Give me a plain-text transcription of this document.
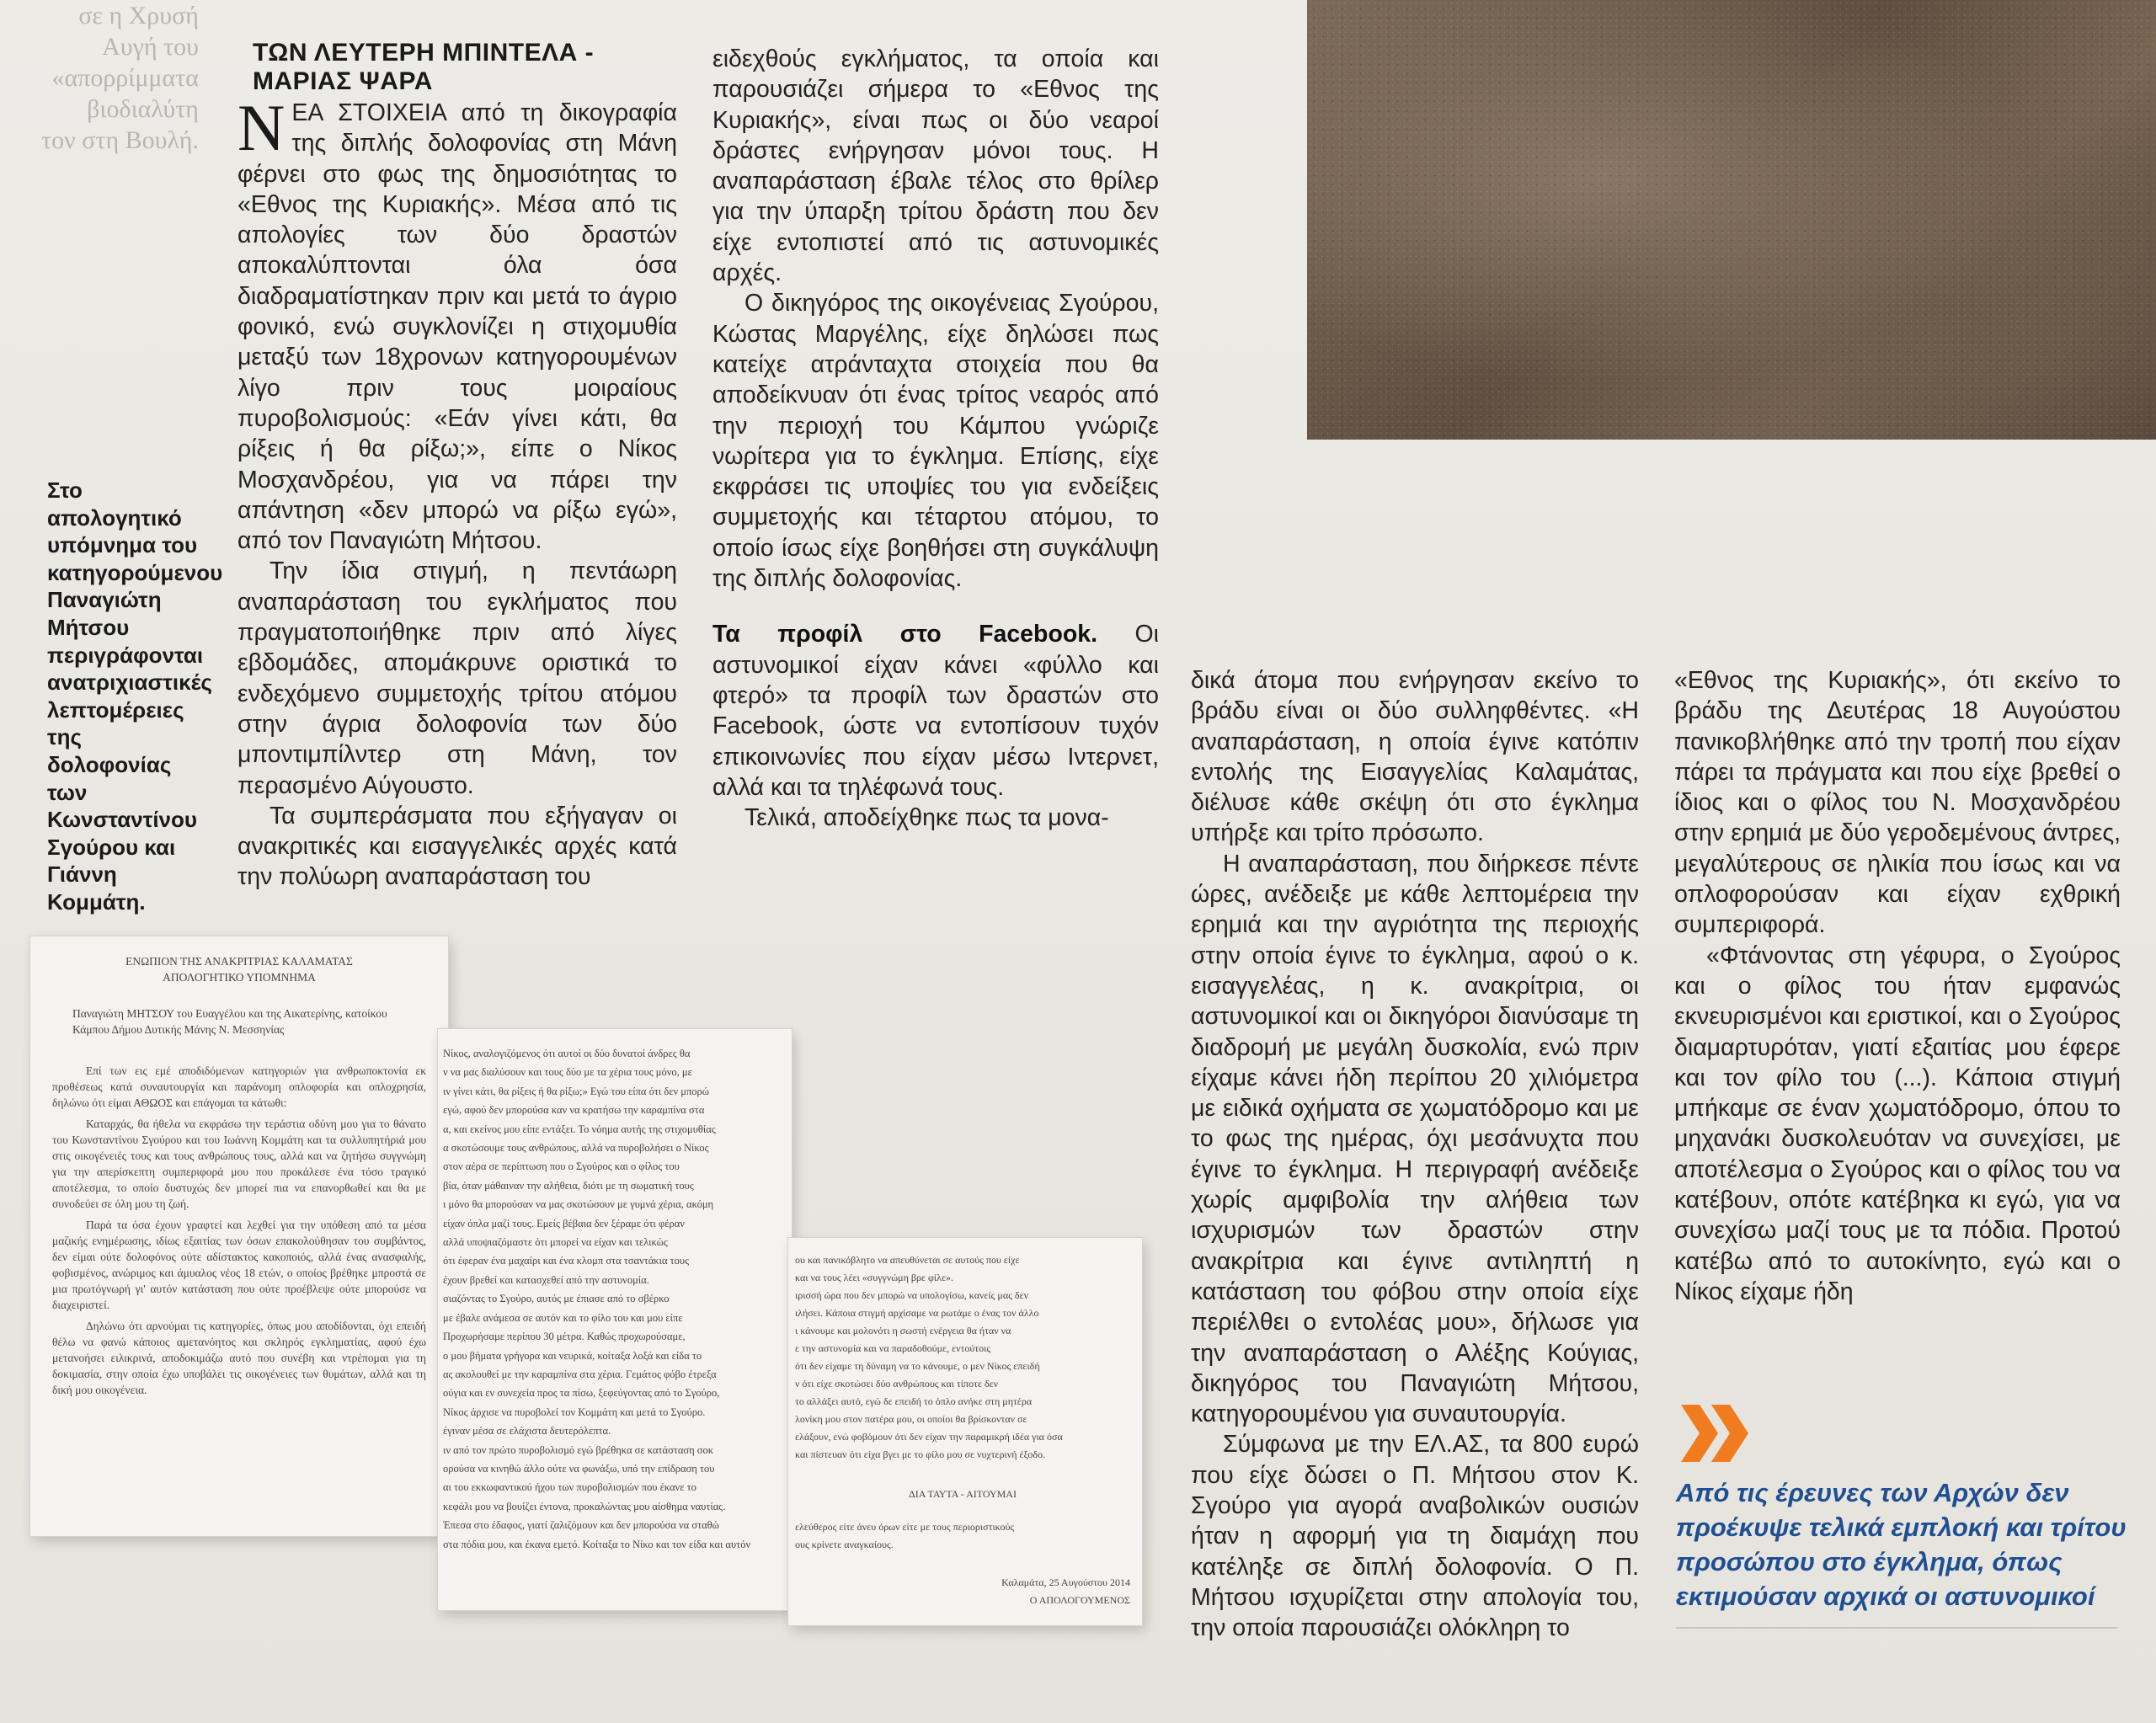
σε η Χρυσή
Αυγή του
«απορρίμματα
βιοδιαλύτη
τον στη Βουλή.
ΤΩΝ ΛΕΥΤΕΡΗ ΜΠΙΝΤΕΛΑ - ΜΑΡΙΑΣ ΨΑΡΑ

ΝΕΑ ΣΤΟΙΧΕΙΑ από τη δικογραφία της διπλής δολοφονίας στη Μάνη φέρνει στο φως της δημοσιότητας το «Εθνος της Κυριακής». Μέσα από τις απολογίες των δύο δραστών αποκαλύπτονται όλα όσα διαδραματίστηκαν πριν και μετά το άγριο φονικό, ενώ συγκλονίζει η στιχομυθία μεταξύ των 18χρονων κατηγορουμένων λίγο πριν τους μοιραίους πυροβολισμούς: «Εάν γίνει κάτι, θα ρίξεις ή θα ρίξω;», είπε ο Νίκος Μοσχανδρέου, για να πάρει την απάντηση «δεν μπορώ να ρίξω εγώ», από τον Παναγιώτη Μήτσου.

Την ίδια στιγμή, η πεντάωρη αναπαράσταση του εγκλήματος που πραγματοποιήθηκε πριν από λίγες εβδομάδες, απομάκρυνε οριστικά το ενδεχόμενο συμμετοχής τρίτου ατόμου στην άγρια δολοφονία των δύο μποντιμπίλντερ στη Μάνη, τον περασμένο Αύγουστο.

Τα συμπεράσματα που εξήγαγαν οι ανακριτικές και εισαγγελικές αρχές κατά την πολύωρη αναπαράσταση του

Στο απολογητικό υπόμνημα του κατηγορούμενου Παναγιώτη Μήτσου περιγράφονται ανατριχιαστικές λεπτομέρειες της δολοφονίας των Κωνσταντίνου Σγούρου και Γιάννη Κομμάτη.

ειδεχθούς εγκλήματος, τα οποία και παρουσιάζει σήμερα το «Εθνος της Κυριακής», είναι πως οι δύο νεαροί δράστες ενήργησαν μόνοι τους. Η αναπαράσταση έβαλε τέλος στο θρίλερ για την ύπαρξη τρίτου δράστη που δεν είχε εντοπιστεί από τις αστυνομικές αρχές.

Ο δικηγόρος της οικογένειας Σγούρου, Κώστας Μαργέλης, είχε δηλώσει πως κατείχε ατράνταχτα στοιχεία που θα αποδείκνυαν ότι ένας τρίτος νεαρός από την περιοχή του Κάμπου γνώριζε νωρίτερα για το έγκλημα. Επίσης, είχε εκφράσει τις υποψίες του για ενδείξεις συμμετοχής και τέταρτου ατόμου, το οποίο ίσως είχε βοηθήσει στη συγκάλυψη της διπλής δολοφονίας.

Τα προφίλ στο Facebook. Οι αστυνομικοί είχαν κάνει «φύλλο και φτερό» τα προφίλ των δραστών στο Facebook, ώστε να εντοπίσουν τυχόν επικοινωνίες που είχαν μέσω Ιντερνετ, αλλά και τα τηλέφωνά τους.

Τελικά, αποδείχθηκε πως τα μονα-

δικά άτομα που ενήργησαν εκείνο το βράδυ είναι οι δύο συλληφθέντες. «Η αναπαράσταση, η οποία έγινε κατόπιν εντολής της Εισαγγελίας Καλαμάτας, διέλυσε κάθε σκέψη ότι στο έγκλημα υπήρξε και τρίτο πρόσωπο.

Η αναπαράσταση, που διήρκεσε πέντε ώρες, ανέδειξε με κάθε λεπτομέρεια την ερημιά και την αγριότητα της περιοχής στην οποία έγινε το έγκλημα, αφού ο κ. εισαγγελέας, η κ. ανακρίτρια, οι αστυνομικοί και οι δικηγόροι διανύσαμε τη διαδρομή με μεγάλη δυσκολία, ενώ πριν είχαμε κάνει ήδη περίπου 20 χιλιόμετρα με ειδικά οχήματα σε χωματόδρομο και με το φως της ημέρας, όχι μεσάνυχτα που έγινε το έγκλημα. Η περιγραφή ανέδειξε χωρίς αμφιβολία την αλήθεια των ισχυρισμών των δραστών στην ανακρίτρια και έγινε αντιληπτή η κατάσταση του φόβου στην οποία είχε περιέλθει ο εντολέας μου», δήλωσε για την αναπαράσταση ο Αλέξης Κούγιας, δικηγόρος του Παναγιώτη Μήτσου, κατηγορουμένου για συναυτουργία.

Σύμφωνα με την ΕΛ.ΑΣ, τα 800 ευρώ που είχε δώσει ο Π. Μήτσου στον Κ. Σγούρο για αγορά αναβολικών ουσιών ήταν η αφορμή για τη διαμάχη που κατέληξε σε διπλή δολοφονία. Ο Π. Μήτσου ισχυρίζεται στην απολογία του, την οποία παρουσιάζει ολόκληρη το

«Εθνος της Κυριακής», ότι εκείνο το βράδυ της Δευτέρας 18 Αυγούστου πανικοβλήθηκε από την τροπή που είχαν πάρει τα πράγματα και που είχε βρεθεί ο ίδιος και ο φίλος του Ν. Μοσχανδρέου στην ερημιά με δύο γεροδεμένους άντρες, μεγαλύτερους σε ηλικία που ίσως και να οπλοφορούσαν και είχαν εχθρική συμπεριφορά.

«Φτάνοντας στη γέφυρα, ο Σγούρος και ο φίλος του ήταν εμφανώς εκνευρισμένοι και εριστικοί, και ο Σγούρος διαμαρτυρόταν, γιατί εξαιτίας μου έφερε και τον φίλο του (...). Κάποια στιγμή μπήκαμε σε έναν χωματόδρομο, όπου το μηχανάκι δυσκολευόταν να συνεχίσει, με αποτέλεσμα ο Σγούρος και ο φίλος του να κατέβουν, οπότε κατέβηκα κι εγώ, για να συνεχίσω μαζί τους με τα πόδια. Προτού κατέβω από το αυτοκίνητο, εγώ και ο Νίκος είχαμε ήδη

ΕΝΩΠΙΟΝ ΤΗΣ ΑΝΑΚΡΙΤΡΙΑΣ ΚΑΛΑΜΑΤΑΣ
ΑΠΟΛΟΓΗΤΙΚΟ ΥΠΟΜΝΗΜΑ
Παναγιώτη ΜΗΤΣΟΥ του Ευαγγέλου και της Αικατερίνης, κατοίκου
Κάμπου Δήμου Δυτικής Μάνης Ν. Μεσσηνίας

Επί των εις εμέ αποδιδόμενων κατηγοριών για ανθρωποκτονία εκ προθέσεως κατά συναυτουργία και παράνομη οπλοφορία και οπλοχρησία, δηλώνω ότι είμαι ΑΘΩΟΣ και επάγομαι τα κάτωθι:

Καταρχάς, θα ήθελα να εκφράσω την τεράστια οδύνη μου για το θάνατο του Κωνσταντίνου Σγούρου και του Ιωάννη Κομμάτη και τα συλλυπητήριά μου στις οικογένειές τους και τους ανθρώπους τους, αλλά και να ζητήσω συγγνώμη για την απερίσκεπτη συμπεριφορά μου που προκάλεσε ένα τόσο τραγικό αποτέλεσμα, το οποίο δυστυχώς δεν μπορεί πια να επανορθωθεί και θα με συνοδεύει σε όλη μου τη ζωή.

Παρά τα όσα έχουν γραφτεί και λεχθεί για την υπόθεση από τα μέσα μαζικής ενημέρωσης, ιδίως εξαιτίας των όσων επακολούθησαν του συμβάντος, δεν είμαι ούτε δολοφόνος ούτε αδίστακτος κακοποιός, αλλά ένας ανασφαλής, φοβισμένος, ανώριμος και άμυαλος νέος 18 ετών, ο οποίος βρέθηκε μπροστά σε μια πρωτόγνωρή γι' αυτόν κατάσταση που ούτε προέβλεψε ούτε μπορούσε να διαχειριστεί.

Δηλώνω ότι αρνούμαι τις κατηγορίες, όπως μου αποδίδονται, όχι επειδή θέλω να φανώ κάποιος αμετανόητος και σκληρός εγκληματίας, αφού έχω μετανοήσει ειλικρινά, αποδοκιμάζω αυτό που συνέβη και ντρέπομαι για τη δοκιμασία, στην οποία έχω υποβάλει τις οικογένειες των θυμάτων, αλλά και τη δική μου οικογένεια.

Νίκος, αναλογιζόμενος ότι αυτοί οι δύο δυνατοί άνδρες θα
ν να μας διαλύσουν και τους δύο με τα χέρια τους μόνο, με
ιν γίνει κάτι, θα ρίξεις ή θα ρίξω;» Εγώ του είπα ότι δεν μπορώ
εγώ, αφού δεν μπορούσα καν να κρατήσω την καραμπίνα στα
α, και εκείνος μου είπε εντάξει. Το νόημα αυτής της στιχομυθίας
α σκοτώσουμε τους ανθρώπους, αλλά να πυροβολήσει ο Νίκος
στον αέρα σε περίπτωση που ο Σγούρος και ο φίλος του
βία, όταν μάθαιναν την αλήθεια, διότι με τη σωματική τους
ι μόνο θα μπορούσαν να μας σκοτώσουν με γυμνά χέρια, ακόμη
είχαν όπλα μαζί τους. Εμείς βέβαια δεν ξέραμε ότι φέραν
αλλά υποψιαζόμαστε ότι μπορεί να είχαν και τελικώς
ότι έφεραν ένα μαχαίρι και ένα κλομπ στα τσαντάκια τους
έχουν βρεθεί και κατασχεθεί από την αστυνομία.
σιαζόντας το Σγούρο, αυτός με έπιασε από το σβέρκο
με έβαλε ανάμεσα σε αυτόν και το φίλο του και μου είπε
Προχωρήσαμε περίπου 30 μέτρα. Καθώς προχωρούσαμε,
ο μου βήματα γρήγορα και νευρικά, κοίταξα λοξά και είδα το
ας ακολουθεί με την καραμπίνα στα χέρια. Γεμάτος φόβο έτρεξα
ούγια και εν συνεχεία προς τα πίσω, ξεφεύγοντας από το Σγούρο,
Νίκος άρχισε να πυροβολεί τον Κομμάτη και μετά το Σγούρο.
έγιναν μέσα σε ελάχιστα δευτερόλεπτα.
ιν από τον πρώτο πυροβολισμό εγώ βρέθηκα σε κατάσταση σοκ
ορούσα να κινηθώ άλλο ούτε να φωνάξω, υπό την επίδραση του
αι του εκκωφαντικού ήχου των πυροβολισμών που έκανε το
κεφάλι μου να βουίζει έντονα, προκαλώντας μου αίσθημα ναυτίας.
Έπεσα στο έδαφος, γιατί ζαλιζόμουν και δεν μπορούσα να σταθώ
στα πόδια μου, και έκανα εμετό. Κοίταξα το Νίκο και τον είδα και αυτόν
ου και πανικόβλητο να απευθύνεται σε αυτούς που είχε
και να τους λέει «συγγνώμη βρε φίλε».
ιρισσή ώρα που δεν μπορώ να υπολογίσω, κανείς μας δεν
ιλήσει. Κάποια στιγμή αρχίσαμε να ρωτάμε ο ένας τον άλλο
ι κάνουμε και μολονότι η σωστή ενέργεια θα ήταν να
ε την αστυνομία και να παραδοθούμε, εντούτοις
ότι δεν είχαμε τη δύναμη να το κάνουμε, ο μεν Νίκος επειδή
ν ότι είχε σκοτώσει δύο ανθρώπους και τίποτε δεν
το αλλάξει αυτό, εγώ δε επειδή το όπλο ανήκε στη μητέρα
λονίκη μου στον πατέρα μου, οι οποίοι θα βρίσκονταν σε
ελάξουν, ενώ φοβόμουν ότι δεν είχαν την παραμικρή ιδέα για όσα
και πίστευαν ότι είχα βγει με το φίλο μου σε νυχτερινή έξοδο.
ΔΙΑ ΤΑΥΤΑ - ΑΙΤΟΥΜΑΙ
ελεύθερος είτε άνευ όρων είτε με τους περιοριστικούς
ους κρίνετε αναγκαίους.
Καλαμάτα, 25 Αυγούστου 2014
Ο ΑΠΟΛΟΓΟΥΜΕΝΟΣ
Από τις έρευνες των Αρχών δεν προέκυψε τελικά εμπλοκή και τρίτου προσώπου στο έγκλημα, όπως εκτιμούσαν αρχικά οι αστυνομικοί
